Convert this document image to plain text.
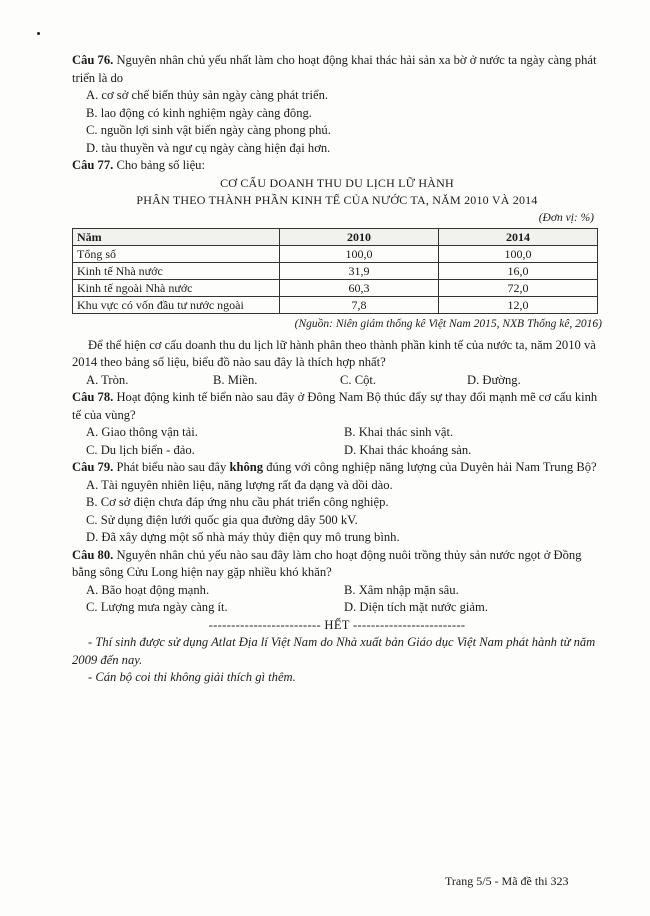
Câu 76. Nguyên nhân chủ yếu nhất làm cho hoạt động khai thác hải sản xa bờ ở nước ta ngày càng phát triển là do

A. cơ sở chế biến thủy sản ngày càng phát triển.

B. lao động có kinh nghiệm ngày càng đông.

C. nguồn lợi sinh vật biển ngày càng phong phú.

D. tàu thuyền và ngư cụ ngày càng hiện đại hơn.

Câu 77. Cho bảng số liệu:

CƠ CẤU DOANH THU DU LỊCH LỮ HÀNH

PHÂN THEO THÀNH PHẦN KINH TẾ CỦA NƯỚC TA, NĂM 2010 VÀ 2014

(Đơn vị: %)

Năm	2010	2014
Tổng số	100,0	100,0
Kinh tế Nhà nước	31,9	16,0
Kinh tế ngoài Nhà nước	60,3	72,0
Khu vực có vốn đầu tư nước ngoài	7,8	12,0

(Nguồn: Niên giám thống kê Việt Nam 2015, NXB Thống kê, 2016)

Để thể hiện cơ cấu doanh thu du lịch lữ hành phân theo thành phần kinh tế của nước ta, năm 2010 và 2014 theo bảng số liệu, biểu đồ nào sau đây là thích hợp nhất?

A. Tròn.	B. Miền.	C. Cột.	D. Đường.

Câu 78. Hoạt động kinh tế biển nào sau đây ở Đông Nam Bộ thúc đẩy sự thay đổi mạnh mẽ cơ cấu kinh tế của vùng?

A. Giao thông vận tải.	B. Khai thác sinh vật.
C. Du lịch biển - đảo.	D. Khai thác khoáng sản.

Câu 79. Phát biểu nào sau đây không đúng với công nghiệp năng lượng của Duyên hải Nam Trung Bộ?

A. Tài nguyên nhiên liệu, năng lượng rất đa dạng và dồi dào.

B. Cơ sở điện chưa đáp ứng nhu cầu phát triển công nghiệp.

C. Sử dụng điện lưới quốc gia qua đường dây 500 kV.

D. Đã xây dựng một số nhà máy thủy điện quy mô trung bình.

Câu 80. Nguyên nhân chủ yếu nào sau đây làm cho hoạt động nuôi trồng thủy sản nước ngọt ở Đồng bằng sông Cửu Long hiện nay gặp nhiều khó khăn?

A. Bão hoạt động mạnh.	B. Xâm nhập mặn sâu.
C. Lượng mưa ngày càng ít.	D. Diện tích mặt nước giảm.

------------------------- HẾT -------------------------

- Thí sinh được sử dụng Atlat Địa lí Việt Nam do Nhà xuất bản Giáo dục Việt Nam phát hành từ năm 2009 đến nay.

- Cán bộ coi thi không giải thích gì thêm.

Trang 5/5 - Mã đề thi 323
